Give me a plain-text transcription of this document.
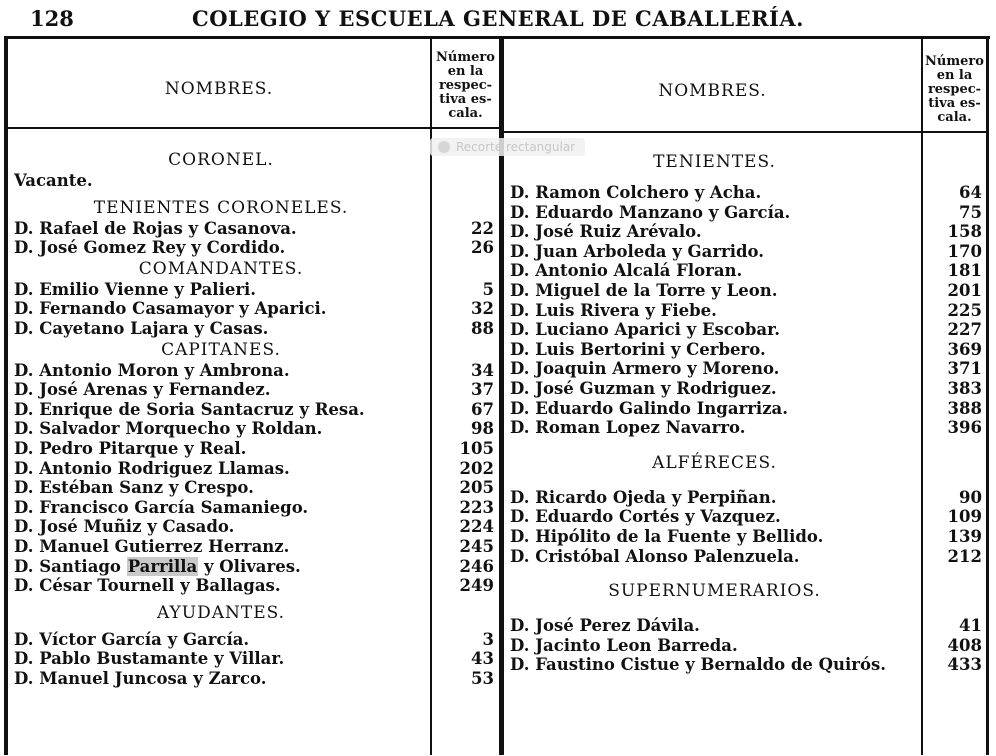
128	COLEGIO Y ESCUELA GENERAL DE CABALLERÍA.
NOMBRES.
Número
en la
respec-
tiva es-
cala.
NOMBRES.
Número
en la
respec-
tiva es-
cala.
CORONEL.
Vacante.
TENIENTES CORONELES.
D. Rafael de Rojas y Casanova.	22
D. José Gomez Rey y Cordido.	26
COMANDANTES.
D. Emilio Vienne y Palieri.	5
D. Fernando Casamayor y Aparici.	32
D. Cayetano Lajara y Casas.	88
CAPITANES.
D. Antonio Moron y Ambrona.	34
D. José Arenas y Fernandez.	37
D. Enrique de Soria Santacruz y Resa.	67
D. Salvador Morquecho y Roldan.	98
D. Pedro Pitarque y Real.	105
D. Antonio Rodriguez Llamas.	202
D. Estéban Sanz y Crespo.	205
D. Francisco García Samaniego.	223
D. José Muñiz y Casado.	224
D. Manuel Gutierrez Herranz.	245
D. Santiago Parrilla y Olivares.	246
D. César Tournell y Ballagas.	249
AYUDANTES.
D. Víctor García y García.	3
D. Pablo Bustamante y Villar.	43
D. Manuel Juncosa y Zarco.	53
TENIENTES.
D. Ramon Colchero y Acha.	64
D. Eduardo Manzano y García.	75
D. José Ruiz Arévalo.	158
D. Juan Arboleda y Garrido.	170
D. Antonio Alcalá Floran.	181
D. Miguel de la Torre y Leon.	201
D. Luis Rivera y Fiebe.	225
D. Luciano Aparici y Escobar.	227
D. Luis Bertorini y Cerbero.	369
D. Joaquin Armero y Moreno.	371
D. José Guzman y Rodriguez.	383
D. Eduardo Galindo Ingarriza.	388
D. Roman Lopez Navarro.	396
ALFÉRECES.
D. Ricardo Ojeda y Perpiñan.	90
D. Eduardo Cortés y Vazquez.	109
D. Hipólito de la Fuente y Bellido.	139
D. Cristóbal Alonso Palenzuela.	212
SUPERNUMERARIOS.
D. José Perez Dávila.	41
D. Jacinto Leon Barreda.	408
D. Faustino Cistue y Bernaldo de Quirós.	433
Recorte rectangular
